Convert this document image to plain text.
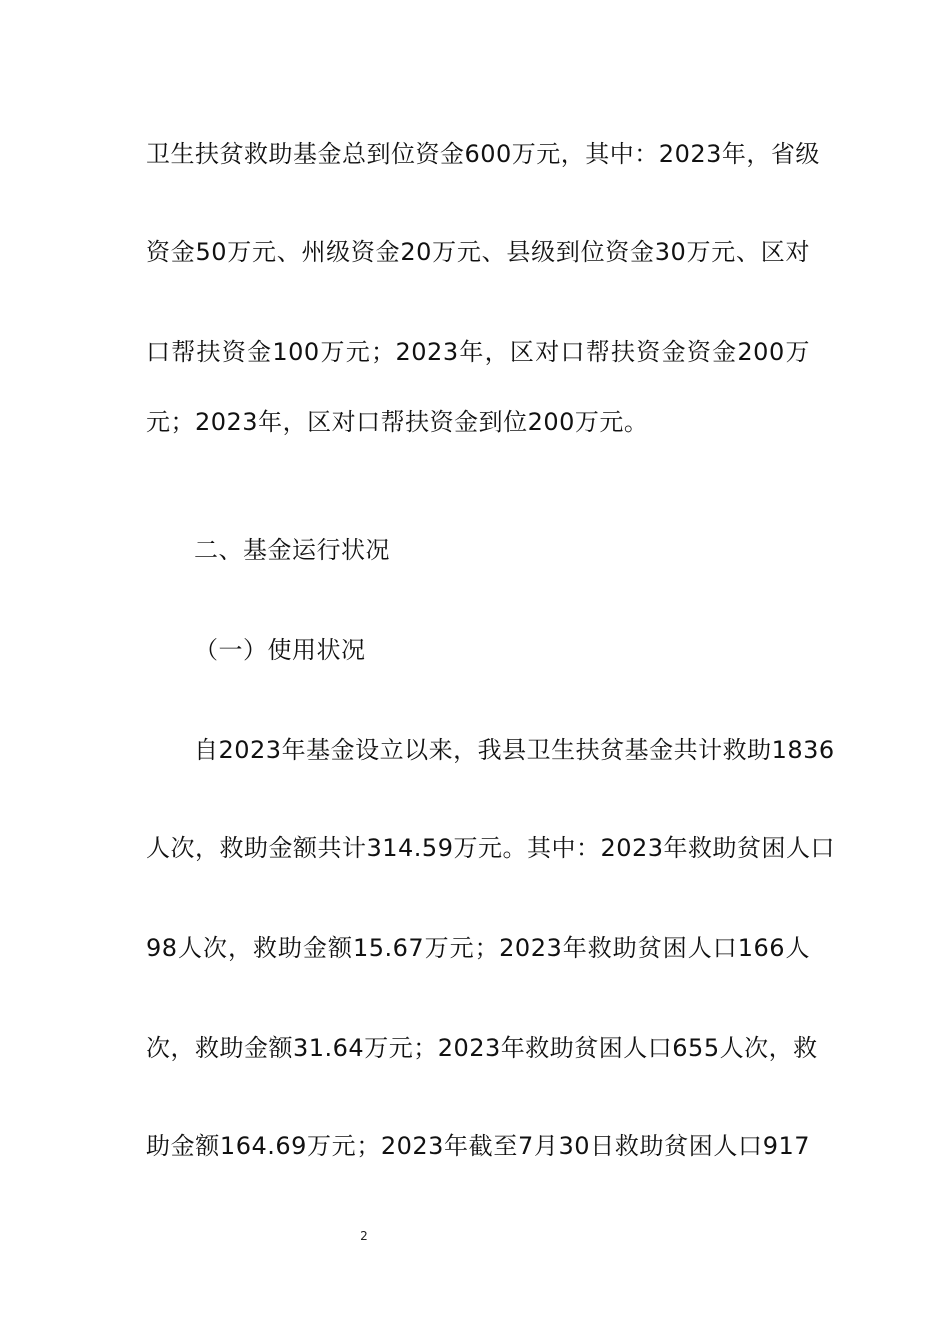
卫生扶贫救助基金总到位资金600万元，其中：2023年，省级
资金50万元、州级资金20万元、县级到位资金30万元、区对
口帮扶资金100万元；2023年，区对口帮扶资金资金200万
元；2023年，区对口帮扶资金到位200万元。
二、基金运行状况
（一）使用状况
自2023年基金设立以来，我县卫生扶贫基金共计救助1836
人次，救助金额共计314.59万元。其中：2023年救助贫困人口
98人次，救助金额15.67万元；2023年救助贫困人口166人
次，救助金额31.64万元；2023年救助贫困人口655人次，救
助金额164.69万元；2023年截至7月30日救助贫困人口917
2
